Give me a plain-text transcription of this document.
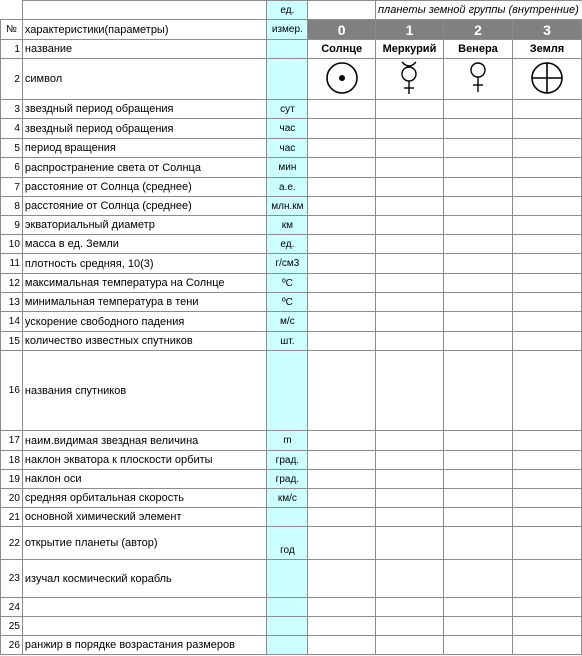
		ед.		планеты земной группы (внутренние)		
№	характеристики(параметры)	измер.	0	1	2	3
1	название		Солнце	Меркурий	Венера	Земля
2	символ					
3	звездный период обращения	сут				
4	звездный период обращения	час				
5	период вращения	час				
6	распространение света от Солнца	мин				
7	расстояние от Солнца (среднее)	а.е.				
8	расстояние от Солнца (среднее)	млн.км				
9	экваториальный диаметр	км				
10	масса в ед. Земли	ед.				
11	плотность средняя, 10(3)	г/см3				
12	максимальная температура на Солнце	ºС				
13	минимальная температура в тени	ºС				
14	ускорение свободного падения	м/с				
15	количество известных спутников	шт.				
16	названия спутников					
17	наим.видимая звездная величина	m				
18	наклон экватора к плоскости орбиты	град.				
19	наклон оси	град.				
20	средняя орбитальная скорость	км/с				
21	основной химический элемент					
22	открытие планеты (автор)	год				
23	изучал космический корабль					
24						
25						
26	ранжир в порядке возрастания размеров					
